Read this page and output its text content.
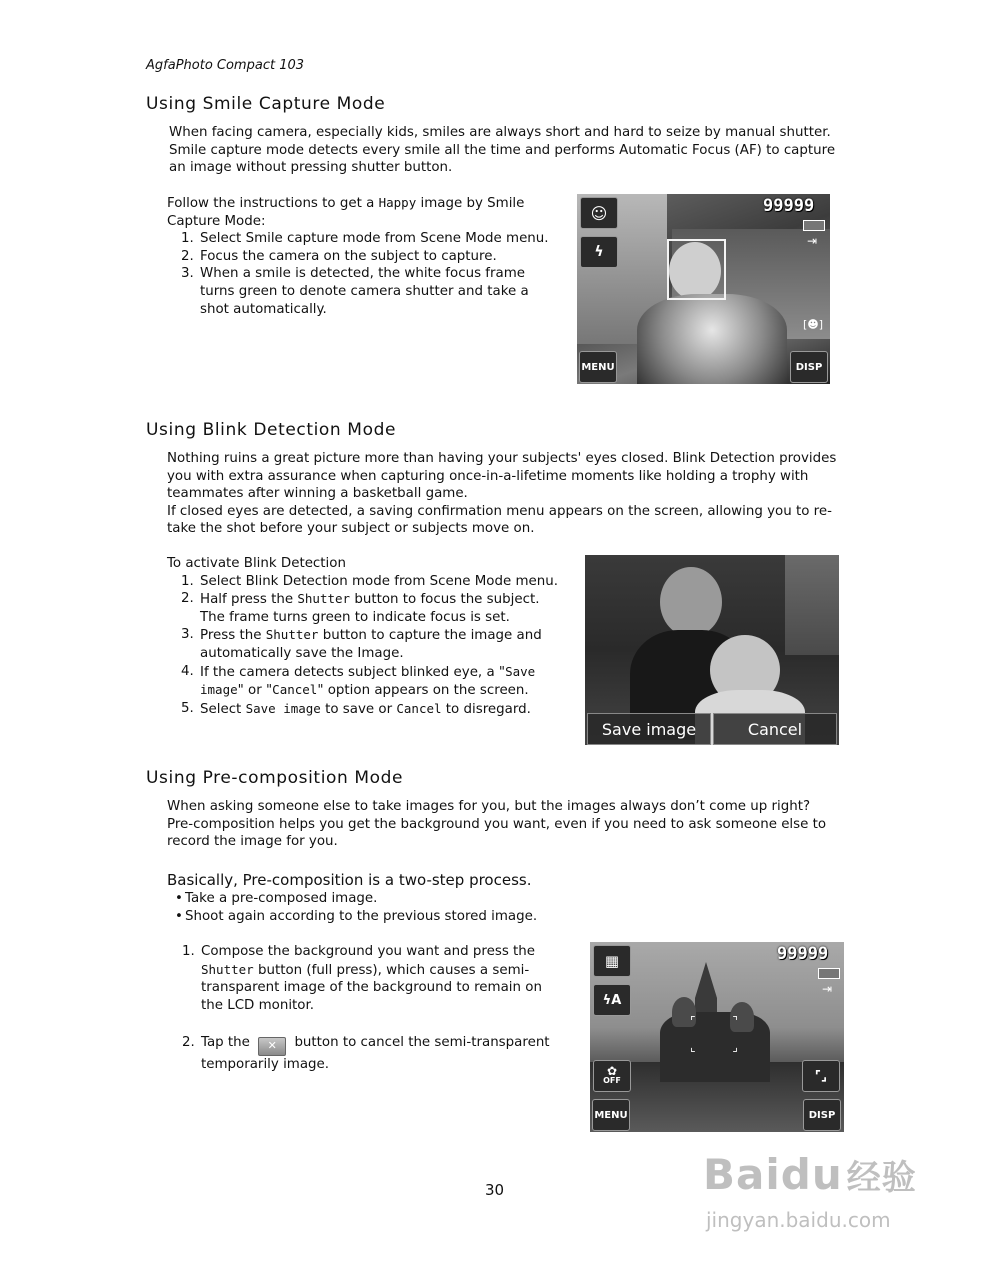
AgfaPhoto Compact 103
Using Smile Capture Mode
When facing camera, especially kids, smiles are always short and hard to seize by manual shutter. Smile capture mode detects every smile all the time and performs Automatic Focus (AF) to capture an image without pressing shutter button.
Follow the instructions to get a Happy image by Smile
Capture Mode:
1. Select Smile capture mode from Scene Mode menu.
2. Focus the camera on the subject to capture.
3. When a smile is detected, the white focus frame turns green to denote camera shutter and take a shot automatically.
☺
ϟ
99999
⇥
[☻]
MENU	DISP
Using Blink Detection Mode
Nothing ruins a great picture more than having your subjects' eyes closed. Blink Detection provides you with extra assurance when capturing once-in-a-lifetime moments like holding a trophy with teammates after winning a basketball game.
If closed eyes are detected, a saving confirmation menu appears on the screen, allowing you to re-take the shot before your subject or subjects move on.
To activate Blink Detection
1. Select Blink Detection mode from Scene Mode menu.
2. Half press the Shutter button to focus the subject. The frame turns green to indicate focus is set.
3. Press the Shutter button to capture the image and automatically save the Image.
4. If the camera detects subject blinked eye, a "Save image" or "Cancel" option appears on the screen.
5. Select Save image to save or Cancel to disregard.
Save image	Cancel
Using Pre-composition Mode
When asking someone else to take images for you, but the images always don’t come up right?
Pre-composition helps you get the background you want, even if you need to ask someone else to record the image for you.
Basically, Pre-composition is a two-step process.
• Take a pre-composed image.
• Shoot again according to the previous stored image.
1. Compose the background you want and press the Shutter button (full press), which causes a semi-transparent image of the background to remain on the LCD monitor.
2. Tap the ✕ button to cancel the semi-transparent temporarily image.
▦
ϟA
✿
OFF	⌜⌟
99999
⇥
⌜	⌝
⌞	⌟
MENU	DISP
30	Baidu 经验
jingyan.baidu.com
